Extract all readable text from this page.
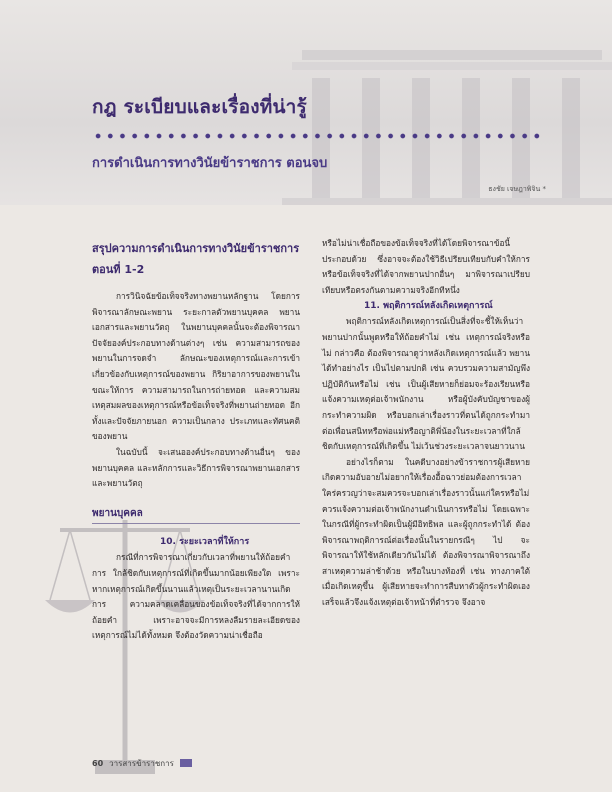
กฎ ระเบียบและเรื่องที่น่ารู้
การดำเนินการทางวินัยข้าราชการ ตอนจบ
ธงชัย เจษฎาพิจิน *
สรุปความการดำเนินการทางวินัยข้าราชการ ตอนที่ 1-2

การวินิจฉัยข้อเท็จจริงทางพยานหลักฐาน โดยการพิจารณาลักษณะพยาน ระยะกาลตัวพยานบุคคล พยานเอกสารและพยานวัตถุ ในพยานบุคคลนั้นจะต้องพิจารณาปัจจัยองค์ประกอบทางด้านต่างๆ เช่น ความสามารถของพยานในการจดจำ ลักษณะของเหตุการณ์และการเข้าเกี่ยวข้องกับเหตุการณ์ของพยาน กิริยาอาการของพยานในขณะให้การ ความสามารถในการถ่ายทอด และความสมเหตุสมผลของเหตุการณ์หรือข้อเท็จจริงที่พยานถ่ายทอด อีกทั้งและปัจจัยภายนอก ความเป็นกลาง ประเภทและทัศนคติของพยาน

ในฉบับนี้ จะเสนอองค์ประกอบทางด้านอื่นๆ ของพยานบุคคล และหลักการและวิธีการพิจารณาพยานเอกสารและพยานวัตถุ

พยานบุคคล

10. ระยะเวลาที่ให้การ

กรณีที่การพิจารณาเกี่ยวกับเวลาที่พยานให้ถ้อยคำการ ใกล้ชิดกับเหตุการณ์ที่เกิดขึ้นมากน้อยเพียงใด เพราะหากเหตุการณ์เกิดขึ้นนานแล้วเหตุเป็นระยะเวลานานเกิดการ ความคลาดเคลื่อนของข้อเท็จจริงที่ได้จากการให้ถ้อยคำ เพราะอาจจะมีการหลงลืมรายละเอียดของเหตุการณ์ไม่ได้ทั้งหมด จึงต้องวัดความน่าเชื่อถือ

หรือไม่น่าเชื่อถือของข้อเท็จจริงที่ได้โดยพิจารณาข้อนี้ประกอบด้วย ซึ่งอาจจะต้องใช้วิธีเปรียบเทียบกับคำให้การหรือข้อเท็จจริงที่ได้จากพยานปากอื่นๆ มาพิจารณาเปรียบเทียบหรือตรงกันตามความจริงอีกทีหนึ่ง

11. พฤติการณ์หลังเกิดเหตุการณ์

พฤติการณ์หลังเกิดเหตุการณ์เป็นสิ่งที่จะชี้ให้เห็นว่า พยานปากนั้นพูดหรือให้ถ้อยคำไม่ เช่น เหตุการณ์จริงหรือไม่ กล่าวคือ ต้องพิจารณาดูว่าหลังเกิดเหตุการณ์แล้ว พยานได้ทำอย่างไร เป็นไปตามปกติ เช่น ควบรวมความสามัญพึงปฏิบัติกันหรือไม่ เช่น เป็นผู้เสียหายก็ย่อมจะร้องเรียนหรือแจ้งความเหตุต่อเจ้าพนักงาน หรือผู้บังคับบัญชาของผู้กระทำความผิด หรือบอกเล่าเรื่องราวที่ตนได้ถูกกระทำมาต่อเพื่อนสนิทหรือพ่อแม่หรือญาติพี่น้องในระยะเวลาที่ใกล้ชิดกับเหตุการณ์ที่เกิดขึ้น ไม่เว้นช่วงระยะเวลาจนยาวนาน

อย่างไรก็ตาม ในคดีบางอย่างข้าราชการผู้เสียหายเกิดความอับอายไม่อยากให้เรื่องอื้อฉาวย่อมต้องการเวลาใคร่ครวญว่าจะสมควรจะบอกเล่าเรื่องราวนั้นแก่ใครหรือไม่ ควรแจ้งความต่อเจ้าพนักงานดำเนินการหรือไม่ โดยเฉพาะในกรณีที่ผู้กระทำผิดเป็นผู้มีอิทธิพล และผู้ถูกกระทำได้ ต้องพิจารณาพฤติการณ์ต่อเรื่องนั้นในรายกรณีๆ ไป จะพิจารณาให้ใช้หลักเดียวกันไม่ได้ ต้องพิจารณาพิจารณาถึงสาเหตุความล่าช้าด้วย หรือในบางท้องที่ เช่น ทางภาคใต้ เมื่อเกิดเหตุขึ้น ผู้เสียหายจะทำการสืบหาตัวผู้กระทำผิดเอง เสร็จแล้วจึงแจ้งเหตุต่อเจ้าหน้าที่ตำรวจ จึงอาจ

60 วารสารข้าราชการ
